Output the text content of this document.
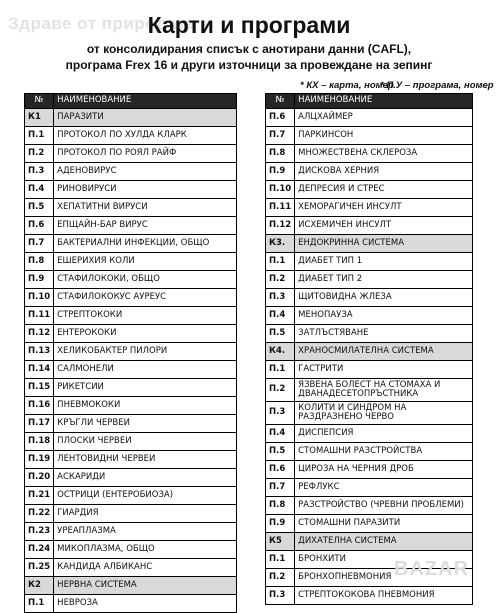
Здраве от природата
Карти и програми
от консолидирания списък с анотирани данни (CAFL),
програма Frex 16 и други източници за провеждане на зепинг
* КХ – карта, номер
* П.У – програма, номер
№	НАИМЕНОВАНИЕ
К1	ПАРАЗИТИ
П.1	ПРОТОКОЛ ПО ХУЛДА КЛАРК
П.2	ПРОТОКОЛ ПО РОЯЛ РАЙФ
П.3	АДЕНОВИРУС
П.4	РИНОВИРУСИ
П.5	ХЕПАТИТНИ ВИРУСИ
П.6	ЕПЩАЙН-БАР ВИРУС
П.7	БАКТЕРИАЛНИ ИНФЕКЦИИ, ОБЩО
П.8	ЕШЕРИХИЯ КОЛИ
П.9	СТАФИЛОКОКИ, ОБЩО
П.10	СТАФИЛОКОКУС АУРЕУС
П.11	СТРЕПТОКОКИ
П.12	ЕНТЕРОКОКИ
П.13	ХЕЛИКОБАКТЕР ПИЛОРИ
П.14	САЛМОНЕЛИ
П.15	РИКЕТСИИ
П.16	ПНЕВМОКОКИ
П.17	КРЪГЛИ ЧЕРВЕИ
П.18	ПЛОСКИ ЧЕРВЕИ
П.19	ЛЕНТОВИДНИ ЧЕРВЕИ
П.20	АСКАРИДИ
П.21	ОСТРИЦИ (ЕНТЕРОБИОЗА)
П.22	ГИАРДИЯ
П.23	УРЕАПЛАЗМА
П.24	МИКОПЛАЗМА, ОБЩО
П.25	КАНДИДА АЛБИКАНС
К2	НЕРВНА СИСТЕМА
П.1	НЕВРОЗА
№	НАИМЕНОВАНИЕ
П.6	АЛЦХАЙМЕР
П.7	ПАРКИНСОН
П.8	МНОЖЕСТВЕНА СКЛЕРОЗА
П.9	ДИСКОВА ХЕРНИЯ
П.10	ДЕПРЕСИЯ И СТРЕС
П.11	ХЕМОРАГИЧЕН ИНСУЛТ
П.12	ИСХЕМИЧЕН ИНСУЛТ
К3.	ЕНДОКРИННА СИСТЕМА
П.1	ДИАБЕТ ТИП 1
П.2	ДИАБЕТ ТИП 2
П.3	ЩИТОВИДНА ЖЛЕЗА
П.4	МЕНОПАУЗА
П.5	ЗАТЛЪСТЯВАНЕ
К4.	ХРАНОСМИЛАТЕЛНА СИСТЕМА
П.1	ГАСТРИТИ
П.2	ЯЗВЕНА БОЛЕСТ НА СТОМАХА И ДВАНАДЕСЕТОПРЪСТНИКА
П.3	КОЛИТИ И СИНДРОМ НА РАЗДРАЗНЕНО ЧЕРВО
П.4	ДИСПЕПСИЯ
П.5	СТОМАШНИ РАЗСТРОЙСТВА
П.6	ЦИРОЗА НА ЧЕРНИЯ ДРОБ
П.7	РЕФЛУКС
П.8	РАЗСТРОЙСТВО (ЧРЕВНИ ПРОБЛЕМИ)
П.9	СТОМАШНИ ПАРАЗИТИ
К5	ДИХАТЕЛНА СИСТЕМА
П.1	БРОНХИТИ
П.2	БРОНХОПНЕВМОНИЯ
П.3	СТРЕПТОКОКОВА ПНЕВМОНИЯ
BAZAR
